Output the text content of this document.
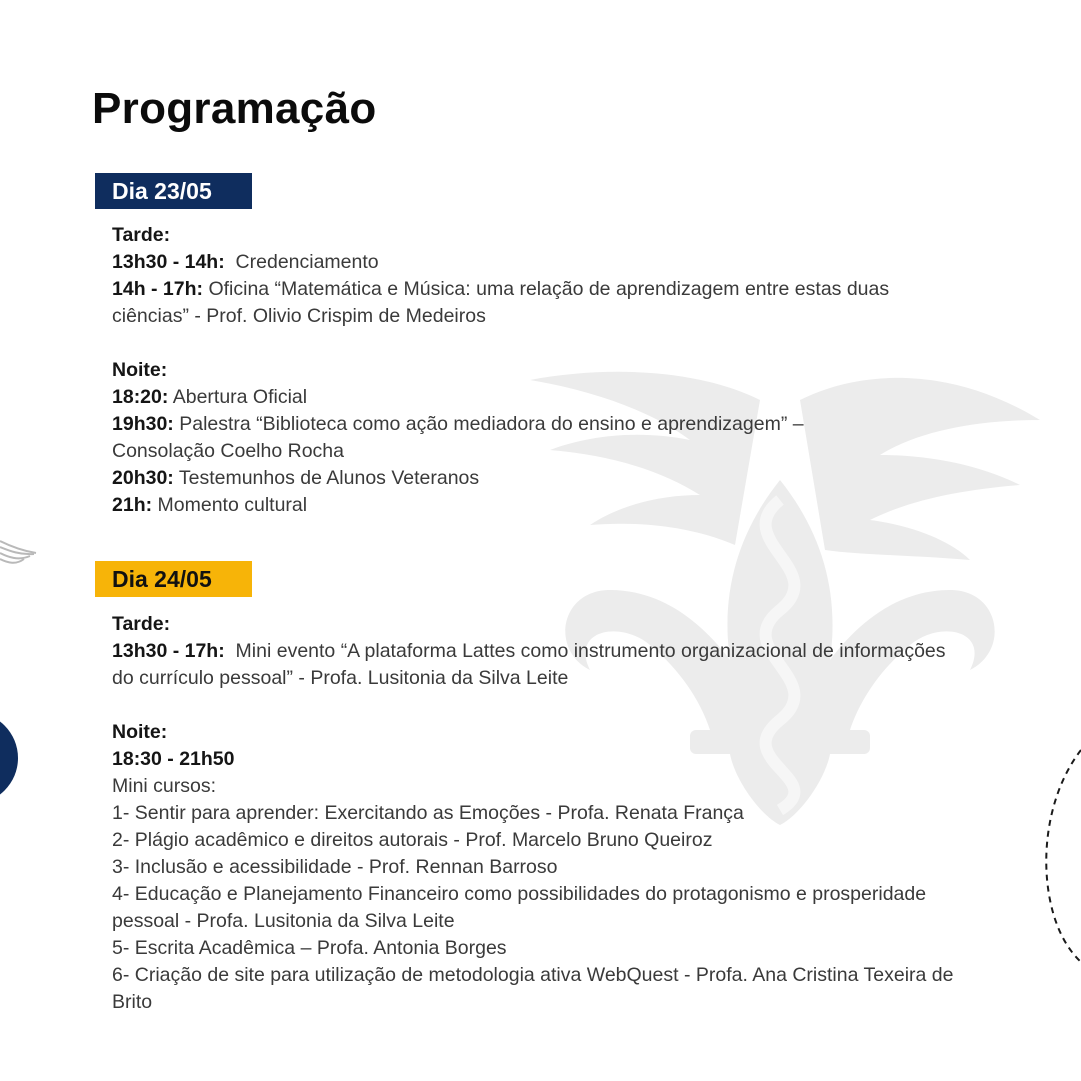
Programação
Dia 23/05

Tarde:

13h30 - 14h:  Credenciamento

14h - 17h: Oficina “Matemática e Música: uma relação de aprendizagem entre estas duas ciências” - Prof. Olivio Crispim de Medeiros

Noite:

18:20: Abertura Oficial

19h30: Palestra “Biblioteca como ação mediadora do ensino e aprendizagem” – Consolação Coelho Rocha

20h30: Testemunhos de Alunos Veteranos

21h: Momento cultural

Dia 24/05

Tarde:

13h30 - 17h:  Mini evento “A plataforma Lattes como instrumento organizacional de informações do currículo pessoal” - Profa. Lusitonia da Silva Leite

Noite:

18:30 - 21h50

Mini cursos:

1- Sentir para aprender: Exercitando as Emoções - Profa. Renata França

2- Plágio acadêmico e direitos autorais - Prof. Marcelo Bruno Queiroz

3- Inclusão e acessibilidade - Prof. Rennan Barroso

4- Educação e Planejamento Financeiro como possibilidades do protagonismo e prosperidade pessoal - Profa. Lusitonia da Silva Leite

5- Escrita Acadêmica – Profa. Antonia Borges

6- Criação de site para utilização de metodologia ativa WebQuest - Profa. Ana Cristina Texeira de Brito
